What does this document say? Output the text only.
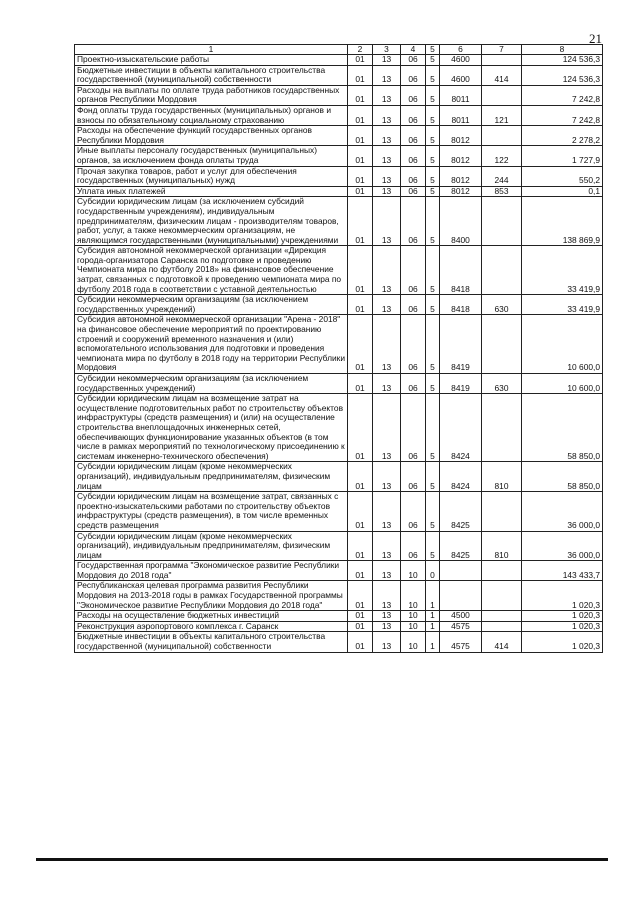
21
1	2	3	4	5	6	7	8
Проектно-изыскательские работы	01	13	06	5	4600		124 536,3
Бюджетные инвестиции в объекты капитального строительства государственной (муниципальной) собственности	01	13	06	5	4600	414	124 536,3
Расходы на выплаты по оплате труда работников государственных органов Республики Мордовия	01	13	06	5	8011		7 242,8
Фонд оплаты труда государственных (муниципальных) органов и взносы по обязательному социальному страхованию	01	13	06	5	8011	121	7 242,8
Расходы на обеспечение функций государственных органов Республики Мордовия	01	13	06	5	8012		2 278,2
Иные выплаты персоналу государственных (муниципальных) органов, за исключением фонда оплаты труда	01	13	06	5	8012	122	1 727,9
Прочая закупка товаров, работ и услуг для обеспечения государственных (муниципальных) нужд	01	13	06	5	8012	244	550,2
Уплата иных платежей	01	13	06	5	8012	853	0,1
Субсидии юридическим лицам (за исключением субсидий государственным учреждениям), индивидуальным предпринимателям, физическим лицам - производителям товаров, работ, услуг, а также некоммерческим организациям, не являющимся государственными (муниципальными) учреждениями	01	13	06	5	8400		138 869,9
Субсидия автономной некоммерческой организации «Дирекция города-организатора Саранска по подготовке и проведению Чемпионата мира по футболу 2018» на финансовое обеспечение затрат, связанных с подготовкой к проведению чемпионата мира по футболу 2018 года в соответствии с уставной деятельностью	01	13	06	5	8418		33 419,9
Субсидии некоммерческим организациям (за исключением государственных учреждений)	01	13	06	5	8418	630	33 419,9
Субсидия автономной некоммерческой организации "Арена - 2018" на финансовое обеспечение мероприятий по проектированию строений и сооружений временного назначения и (или) вспомогательного использования для подготовки и проведения чемпионата мира по футболу в 2018 году на территории Республики Мордовия	01	13	06	5	8419		10 600,0
Субсидии некоммерческим организациям (за исключением государственных учреждений)	01	13	06	5	8419	630	10 600,0
Субсидии юридическим лицам на возмещение затрат на осуществление подготовительных работ по строительству объектов инфраструктуры (средств размещения) и (или) на осуществление строительства внеплощадочных инженерных сетей, обеспечивающих функционирование указанных объектов (в том числе в рамках мероприятий по технологическому присоединению к системам инженерно-технического обеспечения)	01	13	06	5	8424		58 850,0
Субсидии юридическим лицам (кроме некоммерческих организаций), индивидуальным предпринимателям, физическим лицам	01	13	06	5	8424	810	58 850,0
Субсидии юридическим лицам на возмещение затрат, связанных с проектно-изыскательскими работами по строительству объектов инфраструктуры (средств размещения), в том числе временных средств размещения	01	13	06	5	8425		36 000,0
Субсидии юридическим лицам (кроме некоммерческих организаций), индивидуальным предпринимателям, физическим лицам	01	13	06	5	8425	810	36 000,0
Государственная программа "Экономическое развитие Республики Мордовия до 2018 года"	01	13	10	0			143 433,7
Республиканская целевая программа развития Республики Мордовия на 2013-2018 годы в рамках Государственной программы "Экономическое развитие Республики Мордовия до 2018 года"	01	13	10	1			1 020,3
Расходы на осуществление бюджетных инвестиций	01	13	10	1	4500		1 020,3
Реконструкция аэропортового комплекса г. Саранск	01	13	10	1	4575		1 020,3
Бюджетные инвестиции в объекты капитального строительства государственной (муниципальной) собственности	01	13	10	1	4575	414	1 020,3
